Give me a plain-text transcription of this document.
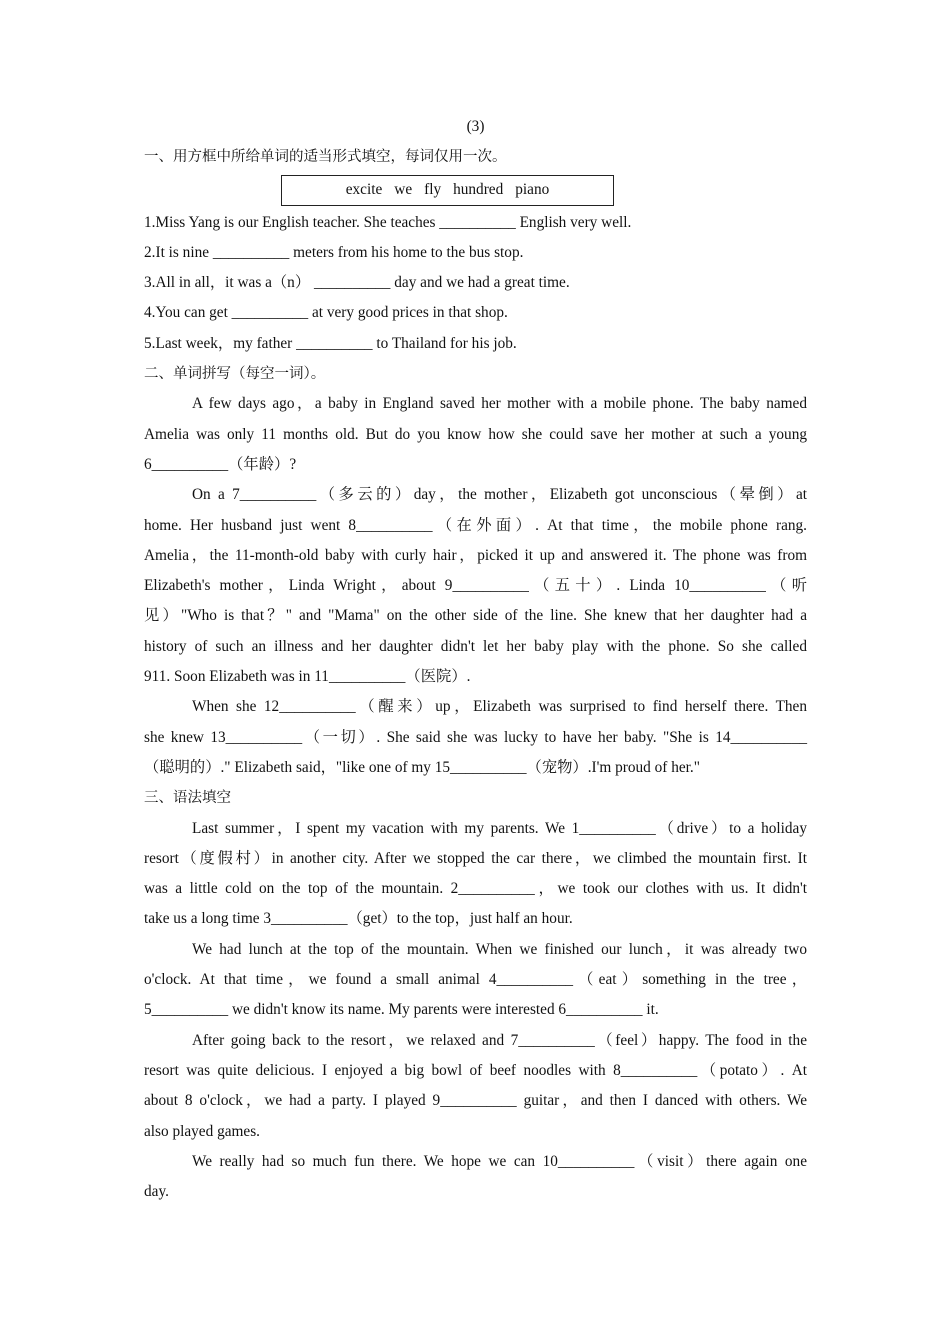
(3)
一、用方框中所给单词的适当形式填空，每词仅用一次。
excite we fly hundred piano
1.Miss Yang is our English teacher. She teaches __________ English very well.
2.It is nine __________ meters from his home to the bus stop.
3.All in all，it was a（n） __________ day and we had a great time.
4.You can get __________ at very good prices in that shop.
5.Last week，my father __________ to Thailand for his job.
二、单词拼写（每空一词）。
A few days ago，a baby in England saved her mother with a mobile phone. The baby named
Amelia was only 11 months old. But do you know how she could save her mother at such a young
6__________（年龄）?
On a 7__________（多云的）day，the mother，Elizabeth got unconscious（晕倒）at
home. Her husband just went 8__________（在外面）. At that time，the mobile phone rang.
Amelia，the 11-month-old baby with curly hair，picked it up and answered it. The phone was from
Elizabeth's mother，Linda Wright，about 9__________（五十）. Linda 10__________（听
见）"Who is that？" and "Mama" on the other side of the line. She knew that her daughter had a
history of such an illness and her daughter didn't let her baby play with the phone. So she called
911. Soon Elizabeth was in 11__________（医院）.
When she 12__________（醒来）up，Elizabeth was surprised to find herself there. Then
she knew 13__________（一切）. She said she was lucky to have her baby. "She is 14__________
（聪明的）." Elizabeth said，"like one of my 15__________（宠物）.I'm proud of her."
三、语法填空
Last summer，I spent my vacation with my parents. We 1__________（drive）to a holiday
resort（度假村）in another city. After we stopped the car there，we climbed the mountain first. It
was a little cold on the top of the mountain. 2__________，we took our clothes with us. It didn't
take us a long time 3__________（get）to the top，just half an hour.
We had lunch at the top of the mountain. When we finished our lunch，it was already two
o'clock. At that time，we found a small animal 4__________（eat）something in the tree，
5__________ we didn't know its name. My parents were interested 6__________ it.
After going back to the resort，we relaxed and 7__________（feel）happy. The food in the
resort was quite delicious. I enjoyed a big bowl of beef noodles with 8__________（potato）. At
about 8 o'clock，we had a party. I played 9__________ guitar，and then I danced with others. We
also played games.
We really had so much fun there. We hope we can 10__________（visit）there again one
day.
